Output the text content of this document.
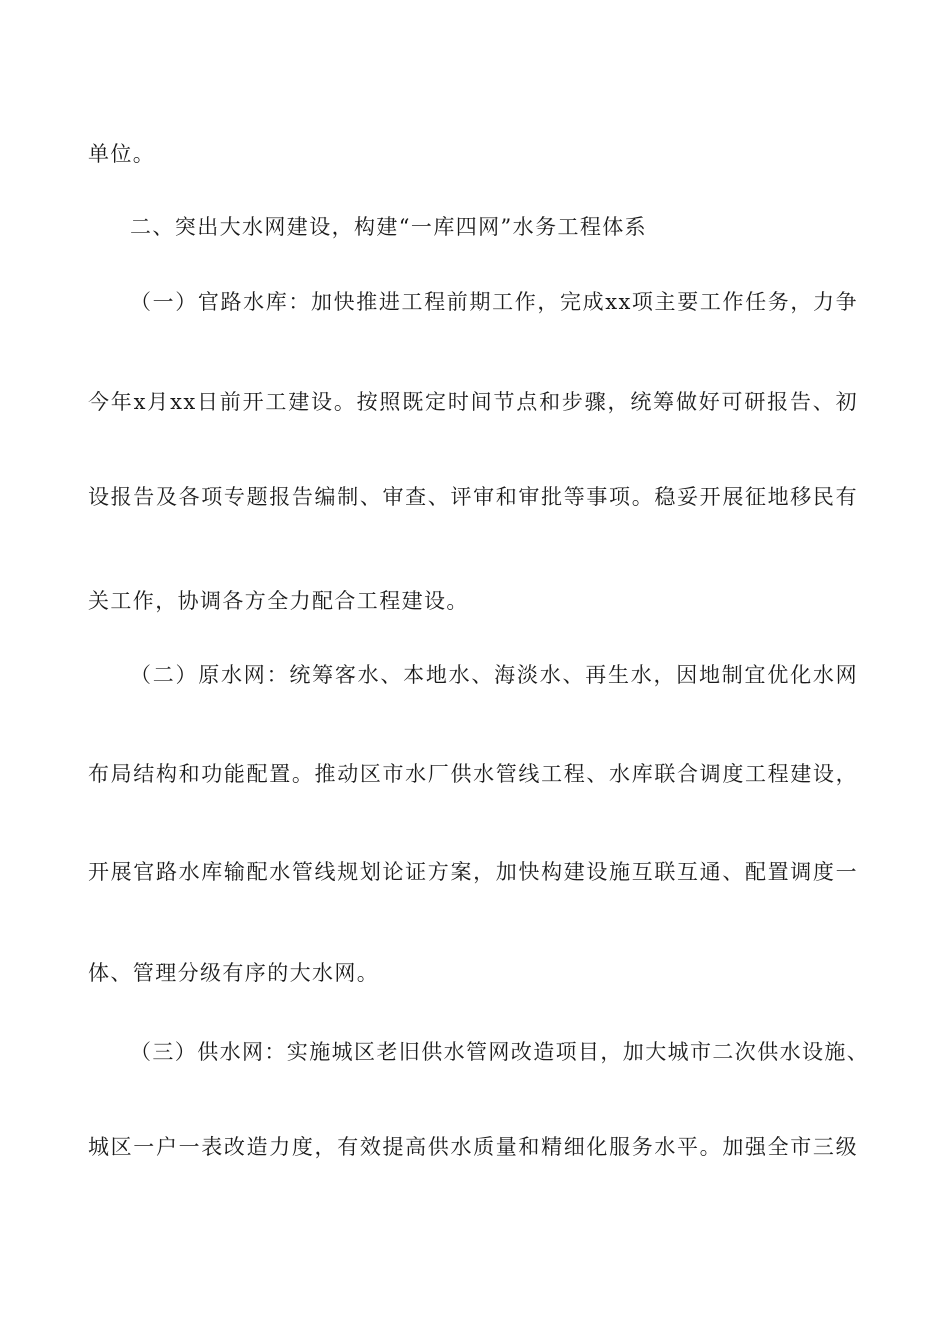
单位。
二、突出大水网建设，构建“一库四网”水务工程体系
（一）官路水库：加快推进工程前期工作，完成xx项主要工作任务，力争
今年x月xx日前开工建设。按照既定时间节点和步骤，统筹做好可研报告、初
设报告及各项专题报告编制、审查、评审和审批等事项。稳妥开展征地移民有
关工作，协调各方全力配合工程建设。
（二）原水网：统筹客水、本地水、海淡水、再生水，因地制宜优化水网
布局结构和功能配置。推动区市水厂供水管线工程、水库联合调度工程建设，
开展官路水库输配水管线规划论证方案，加快构建设施互联互通、配置调度一
体、管理分级有序的大水网。
（三）供水网：实施城区老旧供水管网改造项目，加大城市二次供水设施、
城区一户一表改造力度，有效提高供水质量和精细化服务水平。加强全市三级
